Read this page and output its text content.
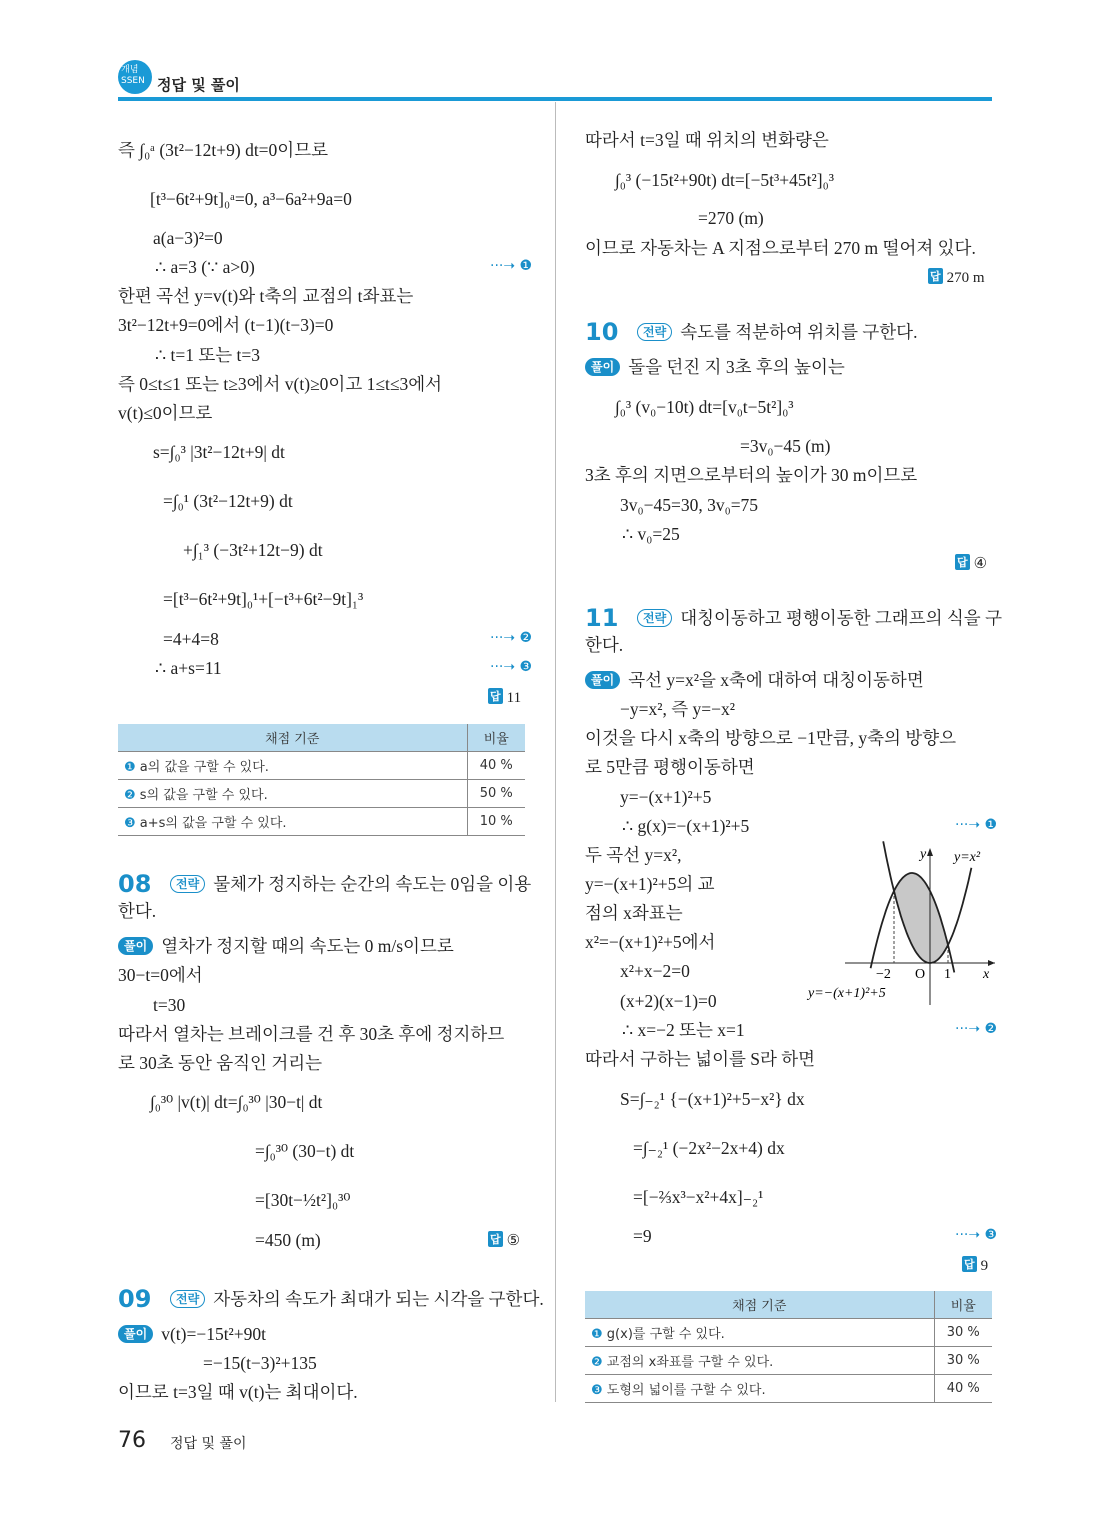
개념
SSEN 정답 및 풀이
즉 ∫₀ᵃ (3t²−12t+9) dt=0이므로
[t³−6t²+9t]₀ᵃ=0, a³−6a²+9a=0
a(a−3)²=0
∴ a=3 (∵ a>0)	···➝ ❶
한편 곡선 y=v(t)와 t축의 교점의 t좌표는
3t²−12t+9=0에서 (t−1)(t−3)=0
∴ t=1 또는 t=3
즉 0≤t≤1 또는 t≥3에서 v(t)≥0이고 1≤t≤3에서
v(t)≤0이므로
s=∫₀³ |3t²−12t+9| dt
=∫₀¹ (3t²−12t+9) dt
+∫₁³ (−3t²+12t−9) dt
=[t³−6t²+9t]₀¹+[−t³+6t²−9t]₁³
=4+4=8	···➝ ❷
∴ a+s=11	···➝ ❸
답 11
채점 기준	비율
❶ a의 값을 구할 수 있다.	40 %
❷ s의 값을 구할 수 있다.	50 %
❸ a+s의 값을 구할 수 있다.	10 %
08	전략 물체가 정지하는 순간의 속도는 0임을 이용
한다.
풀이 열차가 정지할 때의 속도는 0 m/s이므로
30−t=0에서
t=30
따라서 열차는 브레이크를 건 후 30초 후에 정지하므
로 30초 동안 움직인 거리는
∫₀³⁰ |v(t)| dt=∫₀³⁰ |30−t| dt
=∫₀³⁰ (30−t) dt
=[30t−½t²]₀³⁰
=450 (m)	답 ⑤
09	전략 자동차의 속도가 최대가 되는 시각을 구한다.
풀이 v(t)=−15t²+90t
=−15(t−3)²+135
이므로 t=3일 때 v(t)는 최대이다.
따라서 t=3일 때 위치의 변화량은
∫₀³ (−15t²+90t) dt=[−5t³+45t²]₀³
=270 (m)
이므로 자동차는 A 지점으로부터 270 m 떨어져 있다.
답 270 m
10	전략 속도를 적분하여 위치를 구한다.
풀이 돌을 던진 지 3초 후의 높이는
∫₀³ (v₀−10t) dt=[v₀t−5t²]₀³
=3v₀−45 (m)
3초 후의 지면으로부터의 높이가 30 m이므로
3v₀−45=30, 3v₀=75
∴ v₀=25
답 ④
11	전략 대칭이동하고 평행이동한 그래프의 식을 구
한다.
풀이 곡선 y=x²을 x축에 대하여 대칭이동하면
−y=x², 즉 y=−x²
이것을 다시 x축의 방향으로 −1만큼, y축의 방향으
로 5만큼 평행이동하면
y=−(x+1)²+5
∴ g(x)=−(x+1)²+5	···➝ ❶
두 곡선 y=x²,
y=−(x+1)²+5의 교
점의 x좌표는
x²=−(x+1)²+5에서
x²+x−2=0
(x+2)(x−1)=0
∴ x=−2 또는 x=1	···➝ ❷
따라서 구하는 넓이를 S라 하면
S=∫₋₂¹ {−(x+1)²+5−x²} dx
=∫₋₂¹ (−2x²−2x+4) dx
=[−⅔x³−x²+4x]₋₂¹
=9	···➝ ❸
답 9
y
x
O
−2	1
y=x²
y=−(x+1)²+5
채점 기준	비율
❶ g(x)를 구할 수 있다.	30 %
❷ 교점의 x좌표를 구할 수 있다.	30 %
❸ 도형의 넓이를 구할 수 있다.	40 %
76 정답 및 풀이
